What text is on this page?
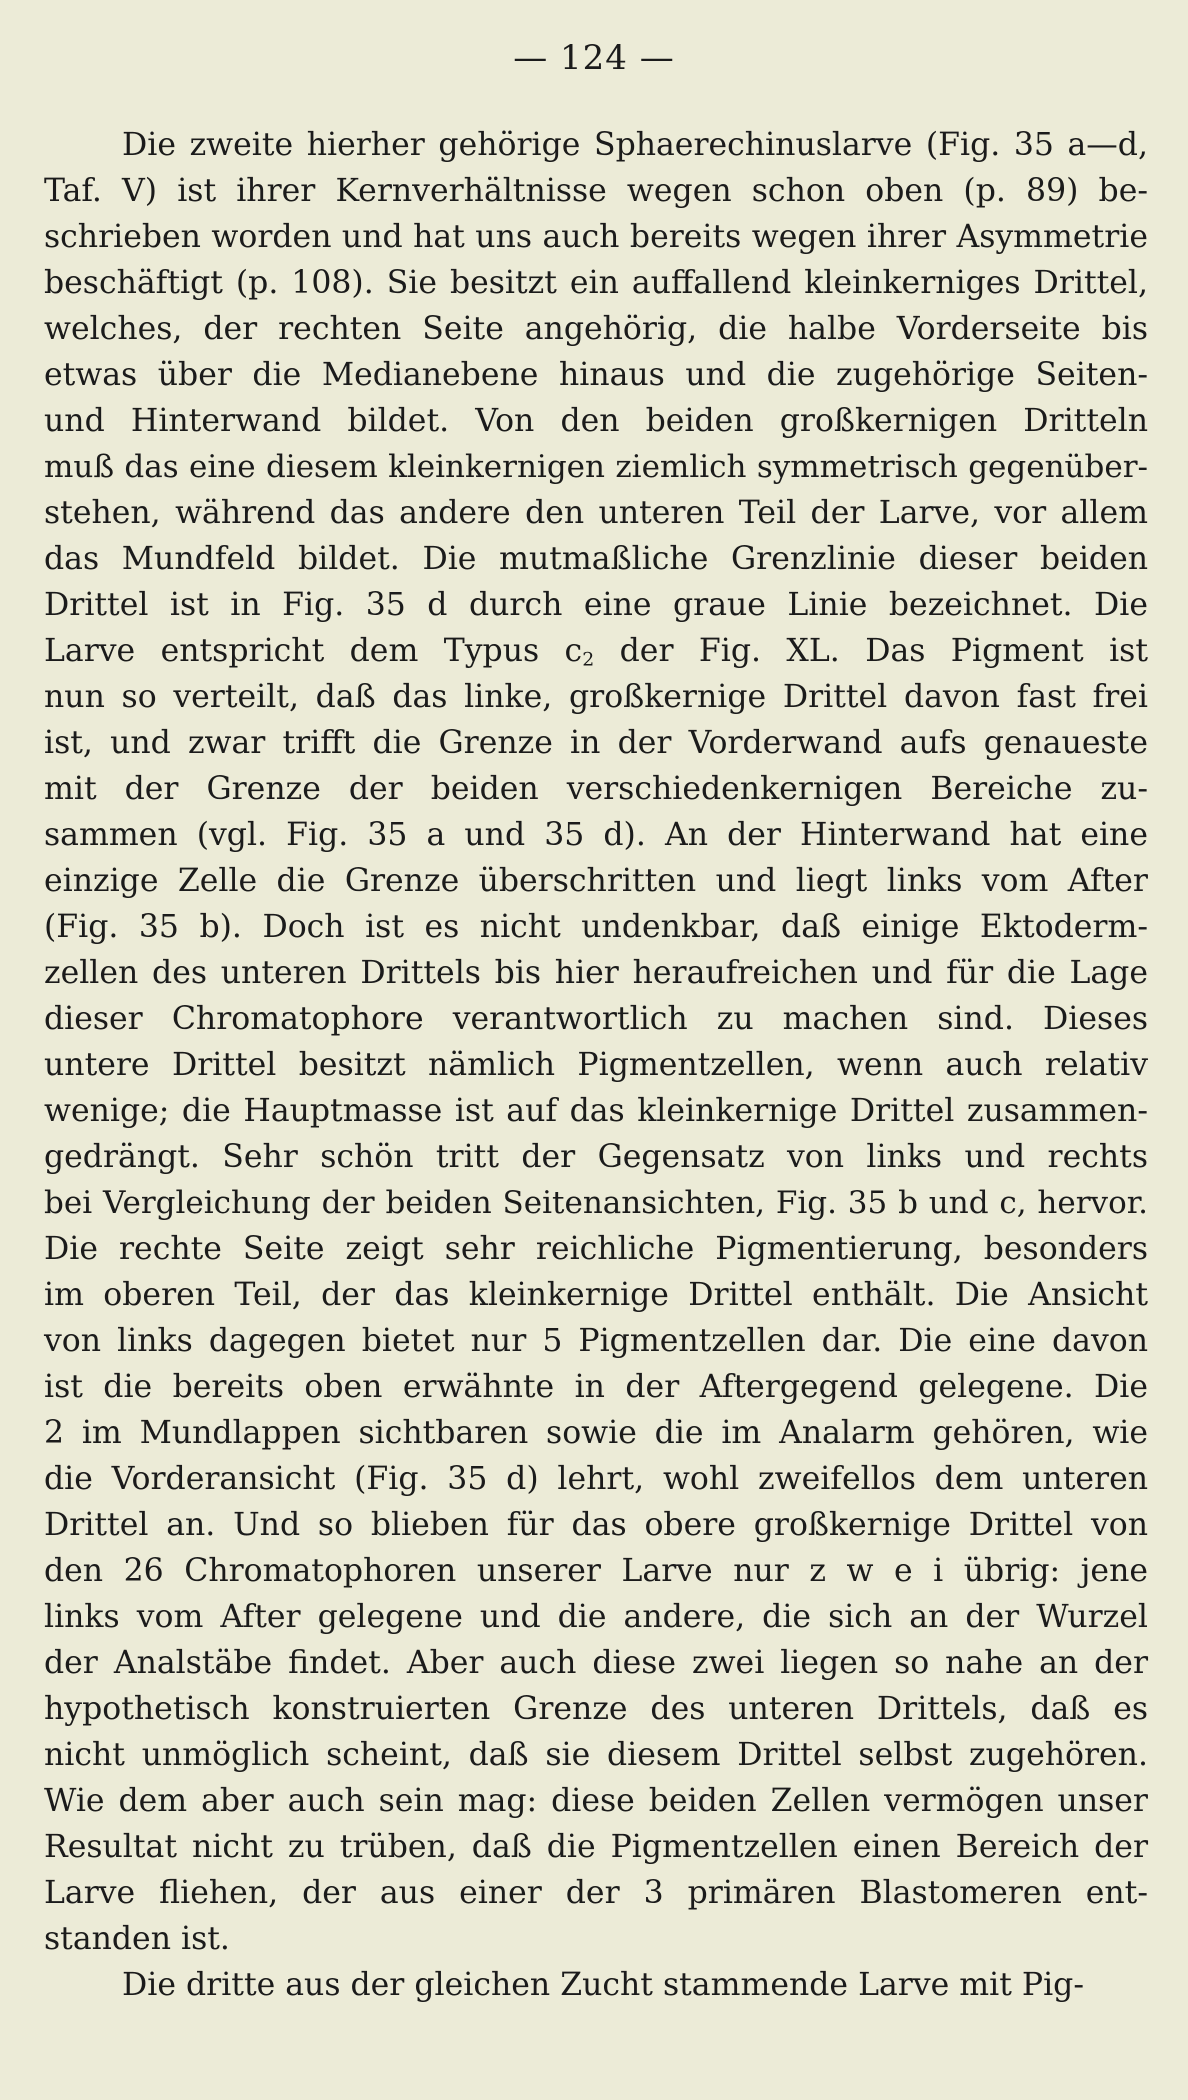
— 124 —
Die zweite hierher gehörige Sphaerechinuslarve (Fig. 35 a—d,
Taf. V) ist ihrer Kernverhältnisse wegen schon oben (p. 89) be-
schrieben worden und hat uns auch bereits wegen ihrer Asymmetrie
beschäftigt (p. 108). Sie besitzt ein auffallend kleinkerniges Drittel,
welches, der rechten Seite angehörig, die halbe Vorderseite bis
etwas über die Medianebene hinaus und die zugehörige Seiten-
und Hinterwand bildet. Von den beiden großkernigen Dritteln
muß das eine diesem kleinkernigen ziemlich symmetrisch gegenüber-
stehen, während das andere den unteren Teil der Larve, vor allem
das Mundfeld bildet. Die mutmaßliche Grenzlinie dieser beiden
Drittel ist in Fig. 35 d durch eine graue Linie bezeichnet. Die
Larve entspricht dem Typus $c_2$ der Fig. XL. Das Pigment ist
nun so verteilt, daß das linke, großkernige Drittel davon fast frei
ist, und zwar trifft die Grenze in der Vorderwand aufs genaueste
mit der Grenze der beiden verschiedenkernigen Bereiche zu-
sammen (vgl. Fig. 35 a und 35 d). An der Hinterwand hat eine
einzige Zelle die Grenze überschritten und liegt links vom After
(Fig. 35 b). Doch ist es nicht undenkbar, daß einige Ektoderm-
zellen des unteren Drittels bis hier heraufreichen und für die Lage
dieser Chromatophore verantwortlich zu machen sind. Dieses
untere Drittel besitzt nämlich Pigmentzellen, wenn auch relativ
wenige; die Hauptmasse ist auf das kleinkernige Drittel zusammen-
gedrängt. Sehr schön tritt der Gegensatz von links und rechts
bei Vergleichung der beiden Seitenansichten, Fig. 35 b und c, hervor.
Die rechte Seite zeigt sehr reichliche Pigmentierung, besonders
im oberen Teil, der das kleinkernige Drittel enthält. Die Ansicht
von links dagegen bietet nur 5 Pigmentzellen dar. Die eine davon
ist die bereits oben erwähnte in der Aftergegend gelegene. Die
2 im Mundlappen sichtbaren sowie die im Analarm gehören, wie
die Vorderansicht (Fig. 35 d) lehrt, wohl zweifellos dem unteren
Drittel an. Und so blieben für das obere großkernige Drittel von
den 26 Chromatophoren unserer Larve nur z w e i übrig: jene
links vom After gelegene und die andere, die sich an der Wurzel
der Analstäbe findet. Aber auch diese zwei liegen so nahe an der
hypothetisch konstruierten Grenze des unteren Drittels, daß es
nicht unmöglich scheint, daß sie diesem Drittel selbst zugehören.
Wie dem aber auch sein mag: diese beiden Zellen vermögen unser
Resultat nicht zu trüben, daß die Pigmentzellen einen Bereich der
Larve fliehen, der aus einer der 3 primären Blastomeren ent-
standen ist.
Die dritte aus der gleichen Zucht stammende Larve mit Pig-
